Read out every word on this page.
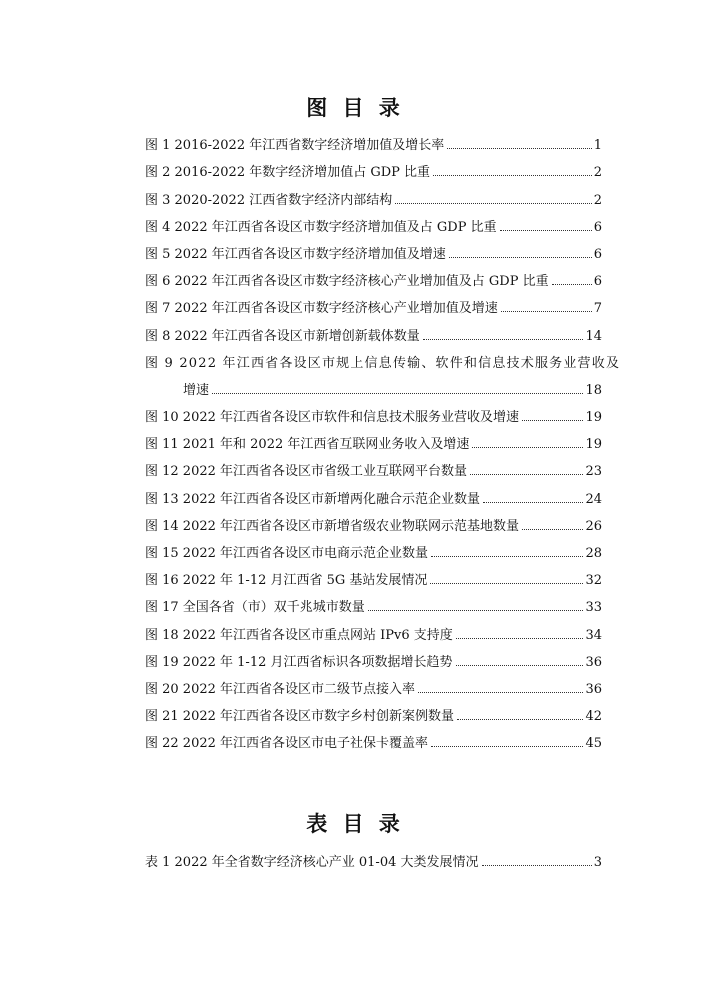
图 目 录
图 1 2016-2022 年江西省数字经济增加值及增长率	1
图 2 2016-2022 年数字经济增加值占 GDP 比重	2
图 3 2020-2022 江西省数字经济内部结构	2
图 4 2022 年江西省各设区市数字经济增加值及占 GDP 比重	6
图 5 2022 年江西省各设区市数字经济增加值及增速	6
图 6 2022 年江西省各设区市数字经济核心产业增加值及占 GDP 比重	6
图 7 2022 年江西省各设区市数字经济核心产业增加值及增速	7
图 8 2022 年江西省各设区市新增创新载体数量	14
图 9 2022 年江西省各设区市规上信息传输、软件和信息技术服务业营收及
增速	18
图 10 2022 年江西省各设区市软件和信息技术服务业营收及增速	19
图 11 2021 年和 2022 年江西省互联网业务收入及增速	19
图 12 2022 年江西省各设区市省级工业互联网平台数量	23
图 13 2022 年江西省各设区市新增两化融合示范企业数量	24
图 14 2022 年江西省各设区市新增省级农业物联网示范基地数量	26
图 15 2022 年江西省各设区市电商示范企业数量	28
图 16 2022 年 1-12 月江西省 5G 基站发展情况	32
图 17 全国各省（市）双千兆城市数量	33
图 18 2022 年江西省各设区市重点网站 IPv6 支持度	34
图 19 2022 年 1-12 月江西省标识各项数据增长趋势	36
图 20 2022 年江西省各设区市二级节点接入率	36
图 21 2022 年江西省各设区市数字乡村创新案例数量	42
图 22 2022 年江西省各设区市电子社保卡覆盖率	45
表 目 录
表 1 2022 年全省数字经济核心产业 01-04 大类发展情况	3
